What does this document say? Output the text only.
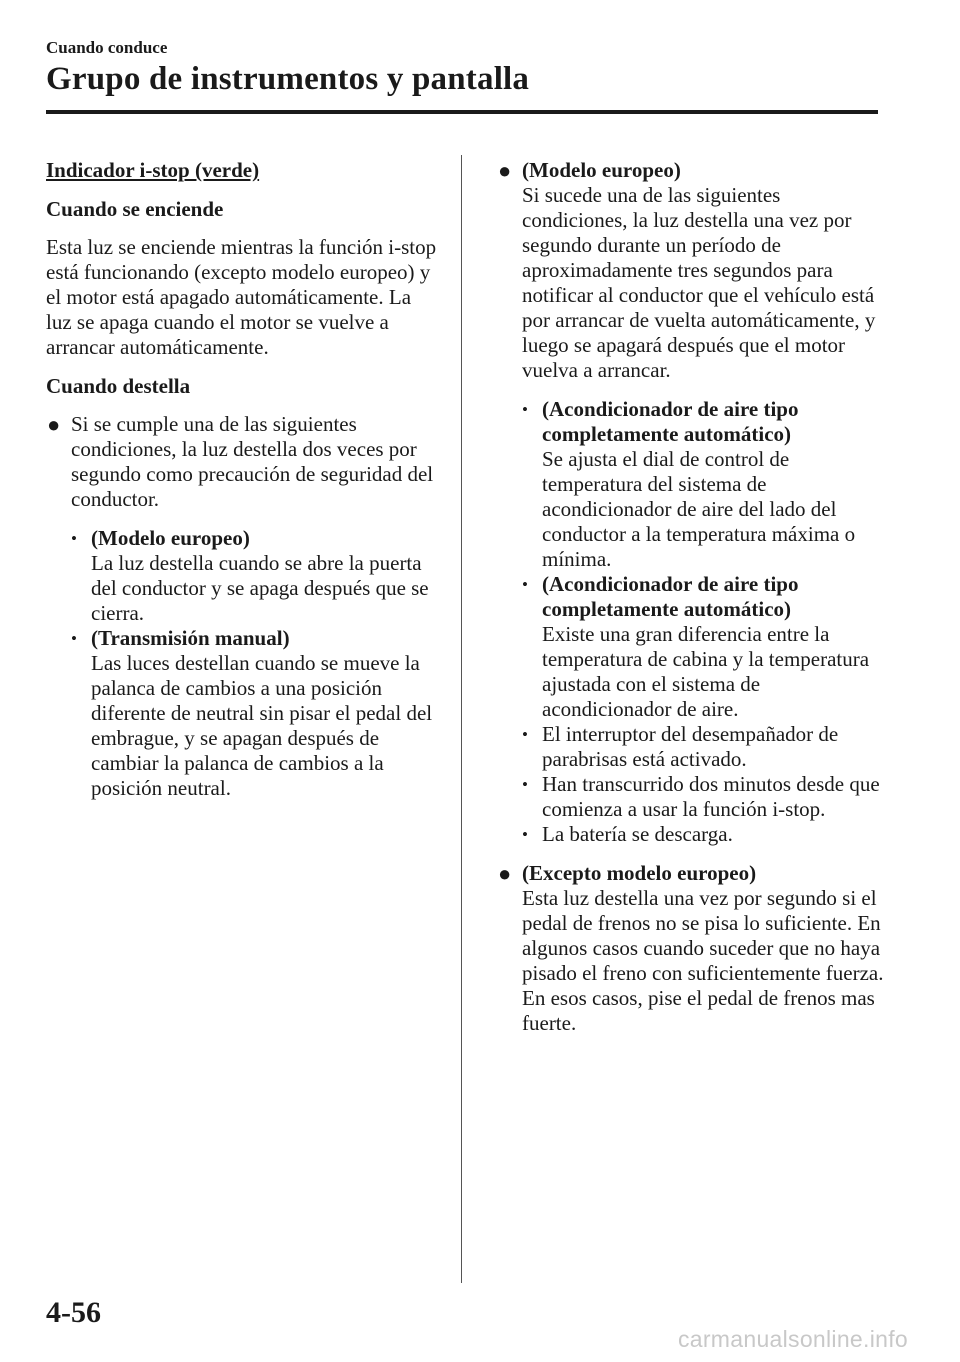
Cuando conduce
Grupo de instrumentos y pantalla
Indicador i-stop (verde)
Cuando se enciende

Esta luz se enciende mientras la función i-stop está funcionando (excepto modelo europeo) y el motor está apagado automáticamente. La luz se apaga cuando el motor se vuelve a arrancar automáticamente.

Cuando destella
● Si se cumple una de las siguientes condiciones, la luz destella dos veces por segundo como precaución de seguridad del conductor.
• (Modelo europeo)
La luz destella cuando se abre la puerta del conductor y se apaga después que se cierra.
• (Transmisión manual)
Las luces destellan cuando se mueve la palanca de cambios a una posición diferente de neutral sin pisar el pedal del embrague, y se apagan después de cambiar la palanca de cambios a la posición neutral.
● (Modelo europeo)
Si sucede una de las siguientes condiciones, la luz destella una vez por segundo durante un período de aproximadamente tres segundos para notificar al conductor que el vehículo está por arrancar de vuelta automáticamente, y luego se apagará después que el motor vuelva a arrancar.
• (Acondicionador de aire tipo completamente automático)
Se ajusta el dial de control de temperatura del sistema de acondicionador de aire del lado del conductor a la temperatura máxima o mínima.
• (Acondicionador de aire tipo completamente automático)
Existe una gran diferencia entre la temperatura de cabina y la temperatura ajustada con el sistema de acondicionador de aire.
• El interruptor del desempañador de parabrisas está activado.
• Han transcurrido dos minutos desde que comienza a usar la función i-stop.
• La batería se descarga.
● (Excepto modelo europeo)
Esta luz destella una vez por segundo si el pedal de frenos no se pisa lo suficiente. En algunos casos cuando suceder que no haya pisado el freno con suficientemente fuerza. En esos casos, pise el pedal de frenos mas fuerte.
4-56
carmanualsonline.info
